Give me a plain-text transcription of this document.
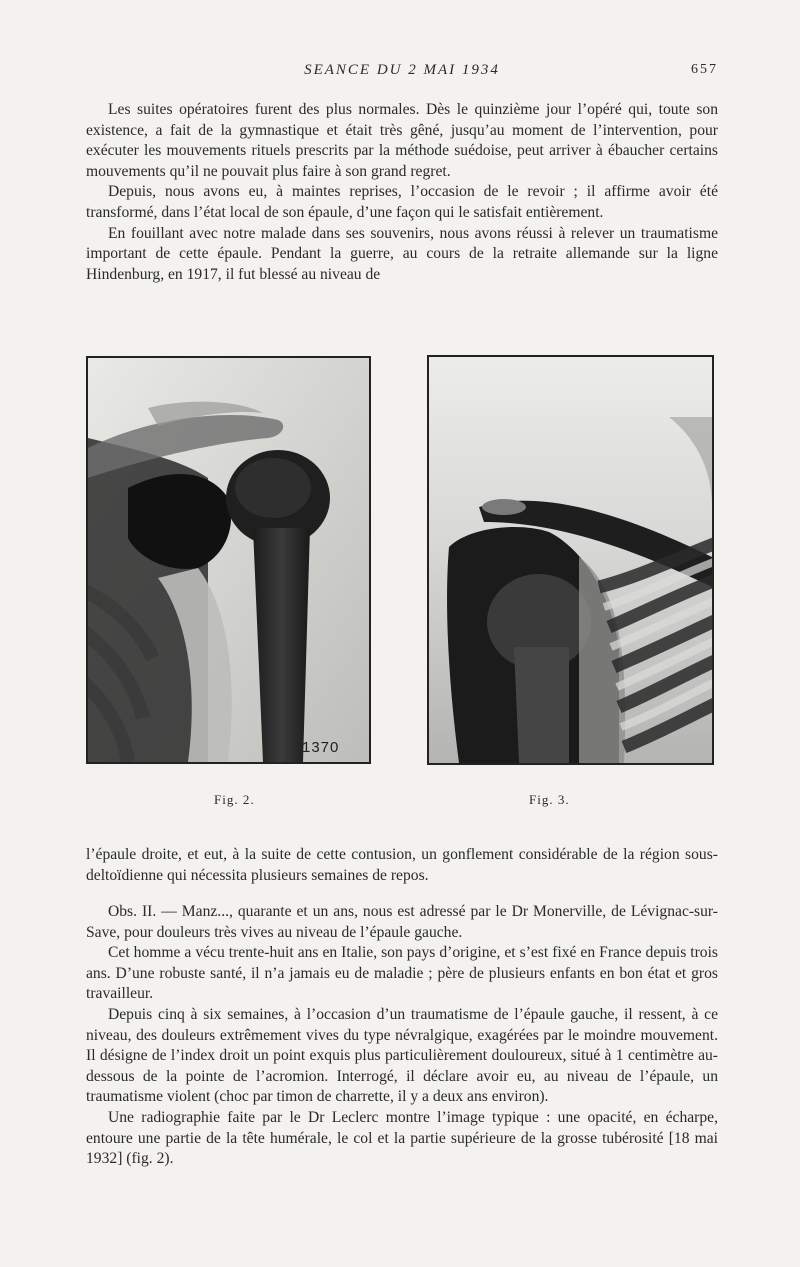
SEANCE DU 2 MAI 1934	657

Les suites opératoires furent des plus normales. Dès le quinzième jour l’opéré qui, toute son existence, a fait de la gymnastique et était très gêné, jusqu’au moment de l’intervention, pour exécuter les mouvements rituels prescrits par la méthode suédoise, peut arriver à ébaucher certains mouvements qu’il ne pouvait plus faire à son grand regret.

Depuis, nous avons eu, à maintes reprises, l’occasion de le revoir ; il affirme avoir été transformé, dans l’état local de son épaule, d’une façon qui le satisfait entièrement.

En fouillant avec notre malade dans ses souvenirs, nous avons réussi à relever un traumatisme important de cette épaule. Pendant la guerre, au cours de la retraite allemande sur la ligne Hindenburg, en 1917, il fut blessé au niveau de

1370
Fig. 2.	Fig. 3.

l’épaule droite, et eut, à la suite de cette contusion, un gonflement considérable de la région sous-deltoïdienne qui nécessita plusieurs semaines de repos.

Obs. II. — Manz..., quarante et un ans, nous est adressé par le Dr Monerville, de Lévignac-sur-Save, pour douleurs très vives au niveau de l’épaule gauche.

Cet homme a vécu trente-huit ans en Italie, son pays d’origine, et s’est fixé en France depuis trois ans. D’une robuste santé, il n’a jamais eu de maladie ; père de plusieurs enfants en bon état et gros travailleur.

Depuis cinq à six semaines, à l’occasion d’un traumatisme de l’épaule gauche, il ressent, à ce niveau, des douleurs extrêmement vives du type névralgique, exagérées par le moindre mouvement. Il désigne de l’index droit un point exquis plus particulièrement douloureux, situé à 1 centimètre au-dessous de la pointe de l’acromion. Interrogé, il déclare avoir eu, au niveau de l’épaule, un traumatisme violent (choc par timon de charrette, il y a deux ans environ).

Une radiographie faite par le Dr Leclerc montre l’image typique : une opacité, en écharpe, entoure une partie de la tête humérale, le col et la partie supérieure de la grosse tubérosité [18 mai 1932] (fig. 2).
